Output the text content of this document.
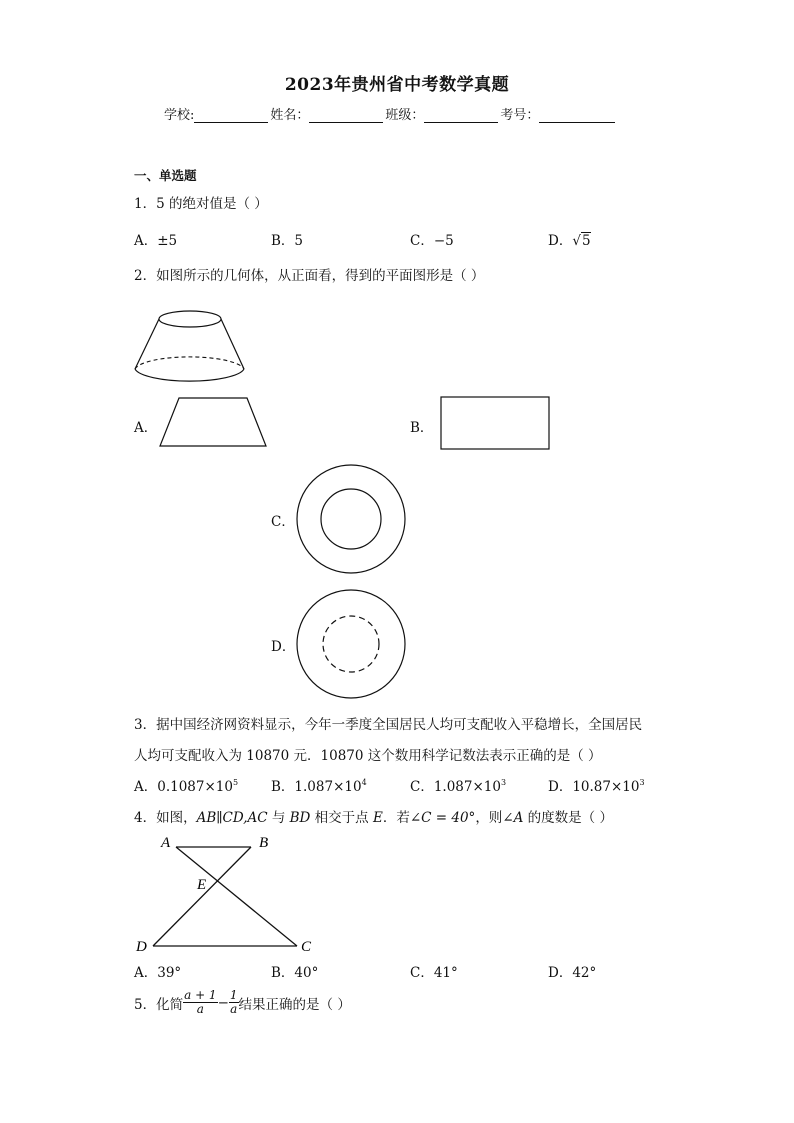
2023年贵州省中考数学真题
学校:	姓名：	班级：	考号：
一、单选题
1．5 的绝对值是（ ）
A．±5	B．5	C．−5	D．√5
2．如图所示的几何体，从正面看，得到的平面图形是（ ）
A．	B．
C．
D．
3．据中国经济网资料显示，今年一季度全国居民人均可支配收入平稳增长，全国居民
人均可支配收入为 10870 元．10870 这个数用科学记数法表示正确的是（ ）
A．$0.1087\times 10^5$ B．$1.087\times 10^4$	C．$1.087\times 10^3$	D．$10.87\times 10^3$
4．如图，AB∥CD,AC 与 BD 相交于点 E．若∠C = 40°，则∠A 的度数是（ ）
A	B
E
D	C
A．39°	B．40°	C．41°	D．42°
5．化简 $\frac{a + 1}{a} - \frac{1}{a}$ 结果正确的是（ ）
